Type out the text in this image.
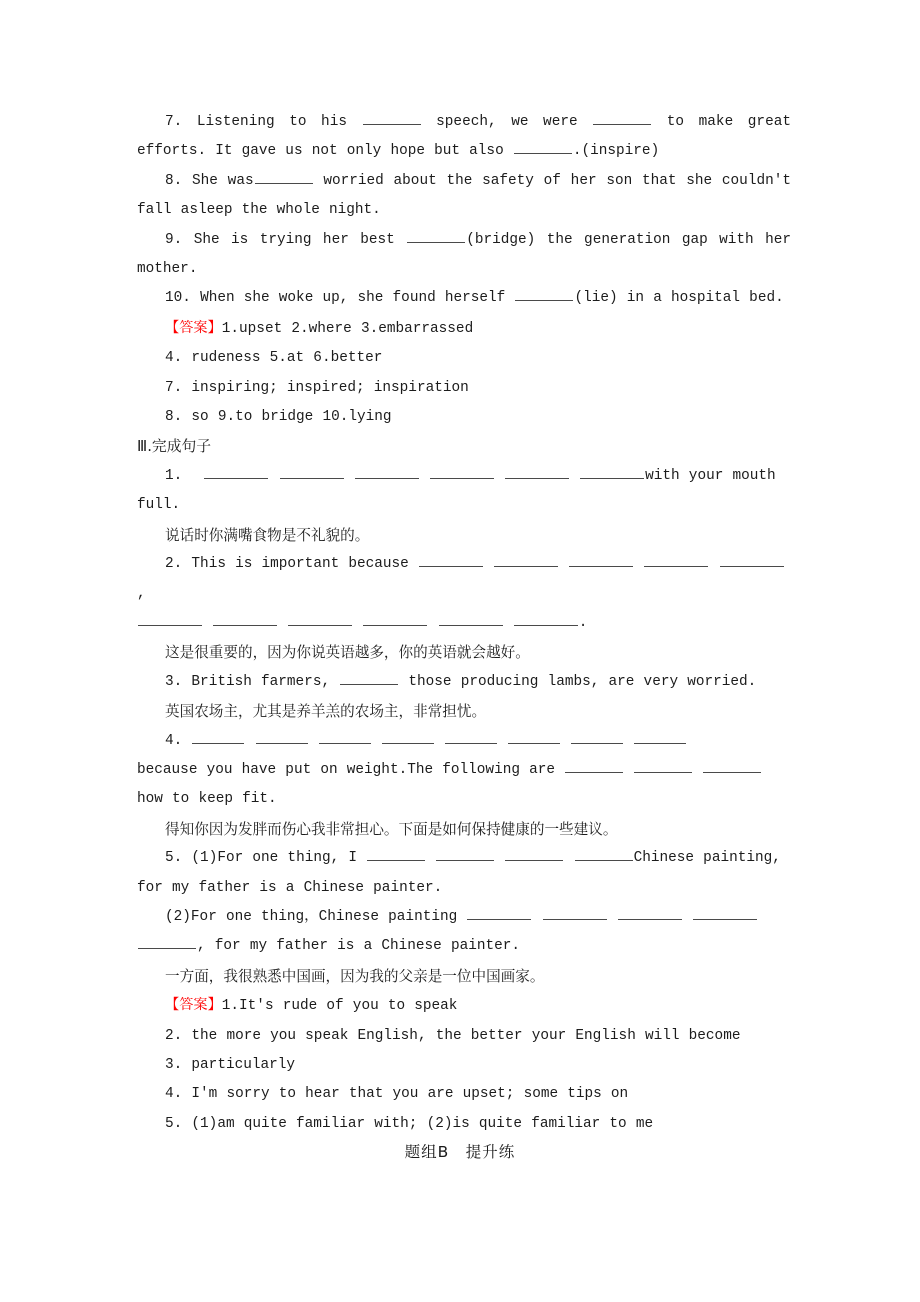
7. Listening to his	speech, we were	to make great efforts. It gave us not only hope but also	.(inspire)

8. She was	worried about the safety of her son that she couldn't fall asleep the whole night.

9. She is trying her best	(bridge) the generation gap with her mother.

10. When she woke up, she found herself	(lie) in a hospital bed.

【答案】1.upset 2.where 3.embarrassed

4. rudeness 5.at 6.better

7. inspiring; inspired; inspiration

8. so 9.to bridge 10.lying

Ⅲ.完成句子

1.	with your mouth full.

说话时你满嘴食物是不礼貌的。

2. This is important because     ,
.

这是很重要的，因为你说英语越多，你的英语就会越好。

3. British farmers,	those producing lambs, are very worried.

英国农场主，尤其是养羊羔的农场主，非常担忧。

4.
because you have put on weight.The following are    how to keep fit.

得知你因为发胖而伤心我非常担心。下面是如何保持健康的一些建议。

5. (1)For one thing, I	Chinese painting, for my father is a Chinese painter.

(2)For one thing，Chinese painting
, for my father is a Chinese painter.

一方面，我很熟悉中国画，因为我的父亲是一位中国画家。

【答案】1.It's rude of you to speak

2. the more you speak English, the better your English will become

3. particularly

4. I'm sorry to hear that you are upset; some tips on

5. (1)am quite familiar with; (2)is quite familiar to me

题组B　提升练
